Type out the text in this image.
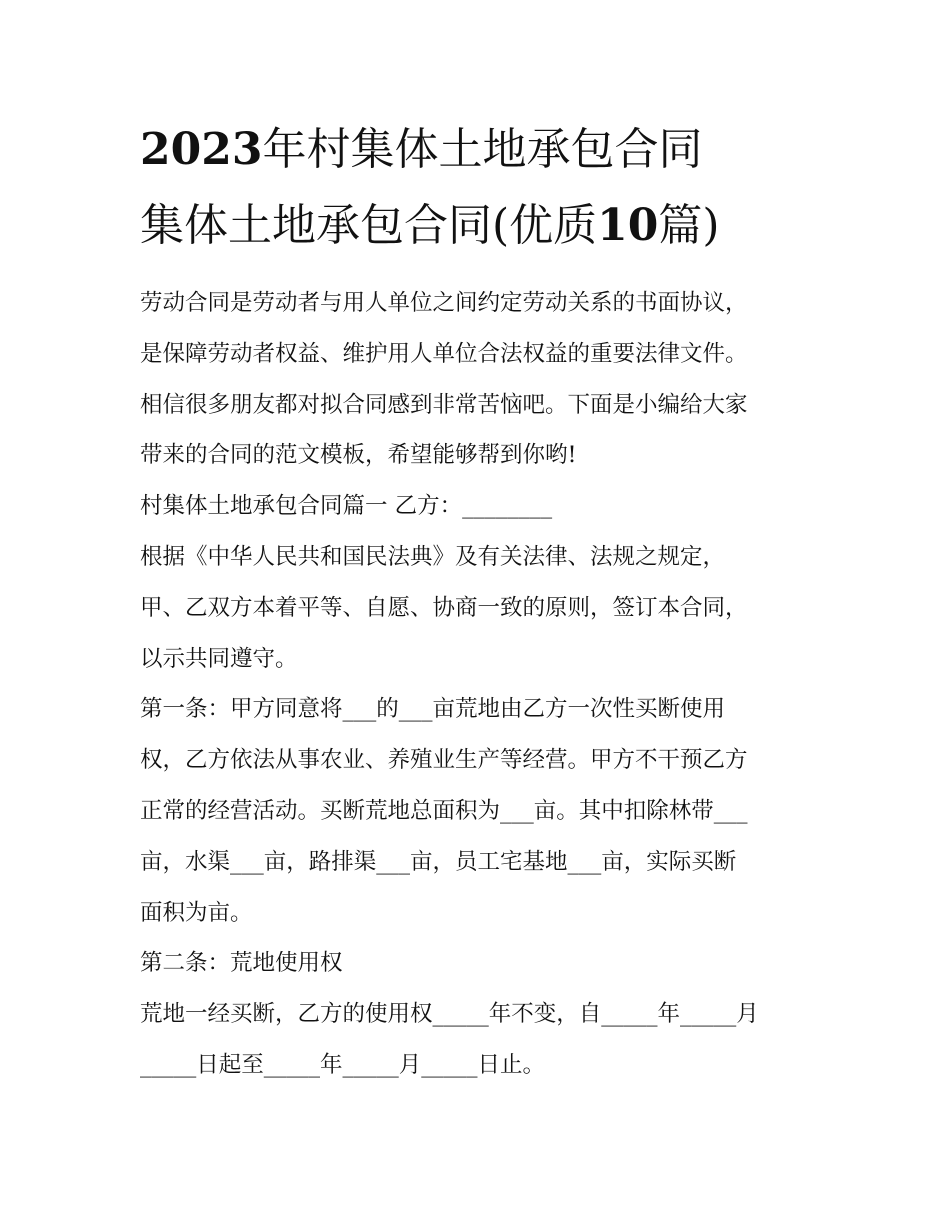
2023年村集体土地承包合同
集体土地承包合同(优质10篇)

劳动合同是劳动者与用人单位之间约定劳动关系的书面协议，

是保障劳动者权益、维护用人单位合法权益的重要法律文件。

相信很多朋友都对拟合同感到非常苦恼吧。下面是小编给大家

带来的合同的范文模板，希望能够帮到你哟!

村集体土地承包合同篇一 乙方：________

根据《中华人民共和国民法典》及有关法律、法规之规定，

甲、乙双方本着平等、自愿、协商一致的原则，签订本合同，

以示共同遵守。

第一条：甲方同意将___的___亩荒地由乙方一次性买断使用

权，乙方依法从事农业、养殖业生产等经营。甲方不干预乙方

正常的经营活动。买断荒地总面积为___亩。其中扣除林带___

亩，水渠___亩，路排渠___亩，员工宅基地___亩，实际买断

面积为亩。

第二条：荒地使用权

荒地一经买断，乙方的使用权_____年不变，自_____年_____月

_____日起至_____年_____月_____日止。
